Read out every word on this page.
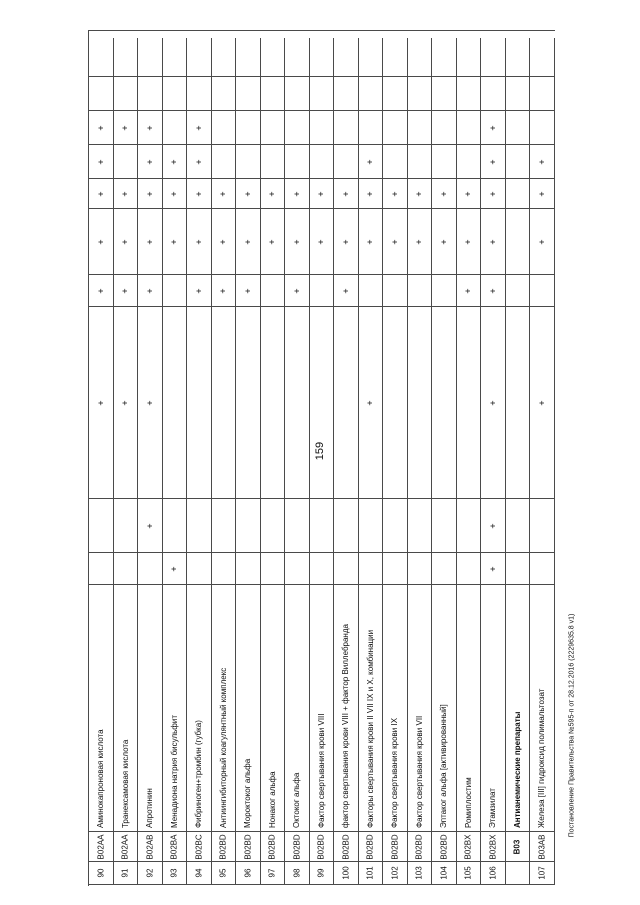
159
90
B02AA
Аминокапроновая кислота
+
+
+
+
+
+
91
B02AA
Транексамовая кислота
+
+
+
+
+
92
B02AB
Апротинин
+
+
+
+
+
+
+
93
B02BA
Менадиона натрия бисульфит
+
+
+
+
94
B02BC
Фибриноген+тромбин (губка)
+
+
+
+
+
95
B02BD
Антиингибиторный коагулянтный комплекс
+
+
+
96
B02BD
Мороктоког альфа
+
+
+
97
B02BD
Нонаког альфа
+
+
98
B02BD
Октоког альфа
+
+
+
99
B02BD
Фактор свертывания крови VIII
+
+
100
B02BD
фактор свертывания крови VIII + фактор Виллебранда
+
+
+
101
B02BD
Факторы свертывания крови II VII IX и X, комбинации
+
+
+
+
102
B02BD
Фактор свертывания крови IX
+
+
103
B02BD
Фактор свертывания крови VII
+
+
104
B02BD
Эптаког альфа [активированный]
+
+
105
B02BX
Ромиплостим
+
+
+
106
B02BX
Этамзилат
+
+
+
+
+
+
+
+
B03
Антианемические препараты
107
B03AB
Железа [III] гидроксид полимальтозат
+
+
+
+
Постановление Правительства №595-п от 28.12.2016 (2229635.8 v1)
